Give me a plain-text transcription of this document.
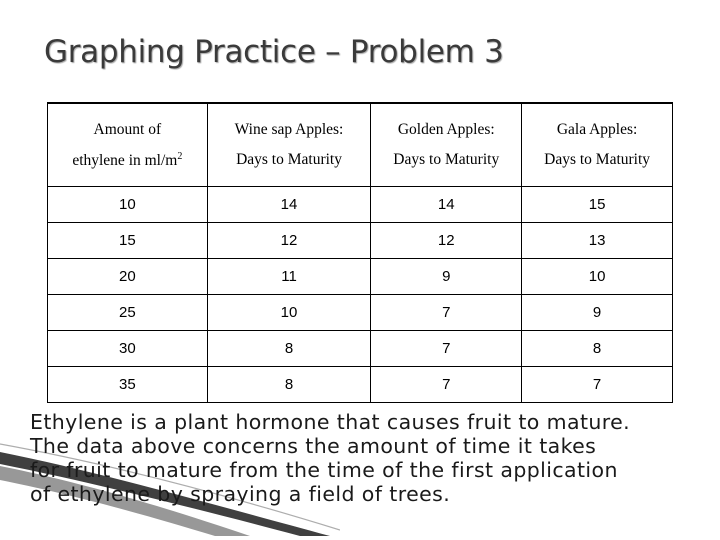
Graphing Practice – Problem 3
Amount of	Wine sap Apples:	Golden Apples:	Gala Apples:
ethylene in $ml/m^2$	Days to Maturity	Days to Maturity	Days to Maturity
10	14	14	15
15	12	12	13
20	11	9	10
25	10	7	9
30	8	7	8
35	8	7	7
Ethylene is a plant hormone that causes fruit to mature.
The data above concerns the amount of time it takes
for fruit to mature from the time of the first application
of ethylene by spraying a field of trees.
